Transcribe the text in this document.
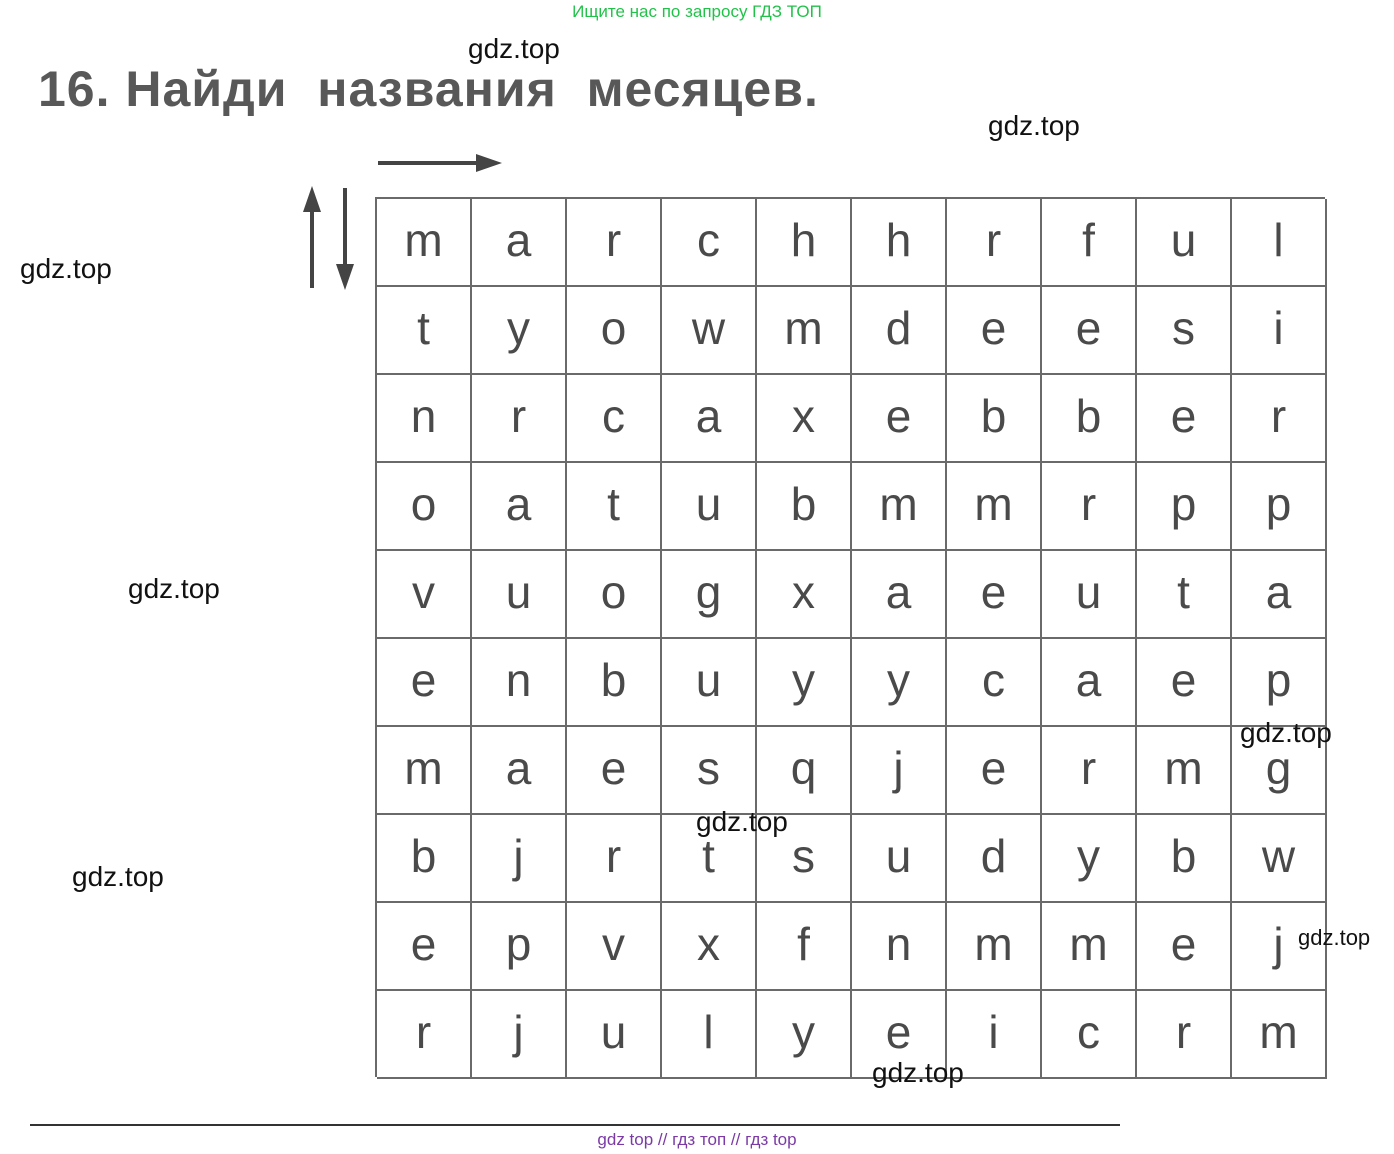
Ищите нас по запросу ГДЗ ТОП
16. Найди  названия  месяцев.
gdz.top
gdz.top
gdz.top
gdz.top
gdz.top
gdz.top
gdz.top
gdz.top
gdz.top
m	a	r	c	h	h	r	f	u	l
t	y	o	w	m	d	e	e	s	i
n	r	c	a	x	e	b	b	e	r
o	a	t	u	b	m	m	r	p	p
v	u	o	g	x	a	e	u	t	a
e	n	b	u	y	y	c	a	e	p
m	a	e	s	q	j	e	r	m	g
b	j	r	t	s	u	d	y	b	w
e	p	v	x	f	n	m	m	e	j
r	j	u	l	y	e	i	c	r	m
gdz top // гдз топ // гдз top
